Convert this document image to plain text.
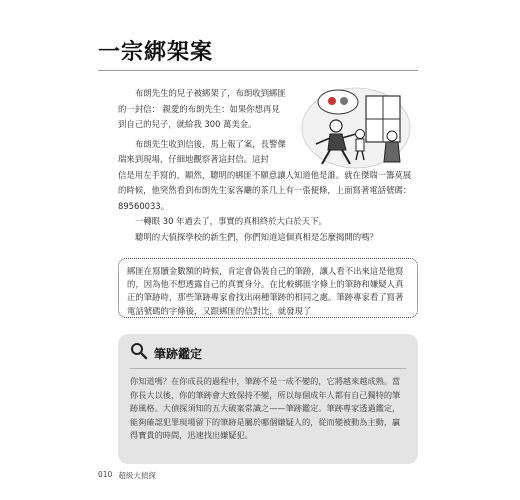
一宗綁架案

布朗先生的兒子被綁架了，布朗收到綁匪的一封信： 親愛的布朗先生：如果你想再見到自己的兒子，就給我 300 萬美金。

布朗先生收到信後，馬上報了案，長警傑瑞來到現場，仔細地觀察著這封信。這封

信是用左手寫的，顯然，聰明的綁匪不願意讓人知道他是誰。就在傑瑞一籌莫展的時候，他突然看到布朗先生家客廳的茶几上有一張便條，上面寫著電話號碼：89560033。

一轉眼 30 年過去了，事實的真相終於大白於天下。

聰明的大偵探學校的新生們，你們知道這個真相是怎麼揭開的嗎？

綁匪在寫贖金數額的時候，肯定會偽裝自己的筆跡，讓人看不出來這是他寫的，因為他不想透露自己的真實身分。在比較綁匪字條上的筆跡和嫌疑人真正的筆跡時，那些筆跡專家會找出兩種筆跡的相同之處。筆跡專家看了寫著電話號碼的字條後，又跟綁匪的信對比，就發現了

筆跡鑑定
你知道嗎？在你成長的過程中，筆跡不是一成不變的，它將越來越成熟。當你長大以後，你的筆跡會大致保持不變，所以每個成年人都有自己獨特的筆跡風格。大偵探須知的五大破案常識之——筆跡鑑定。筆跡專家透過鑑定，能夠確認犯罪現場留下的筆跡是屬於哪個嫌疑人的，從而變被動為主動，贏得寶貴的時間，迅速找出嫌疑犯。
010 超級大偵探
